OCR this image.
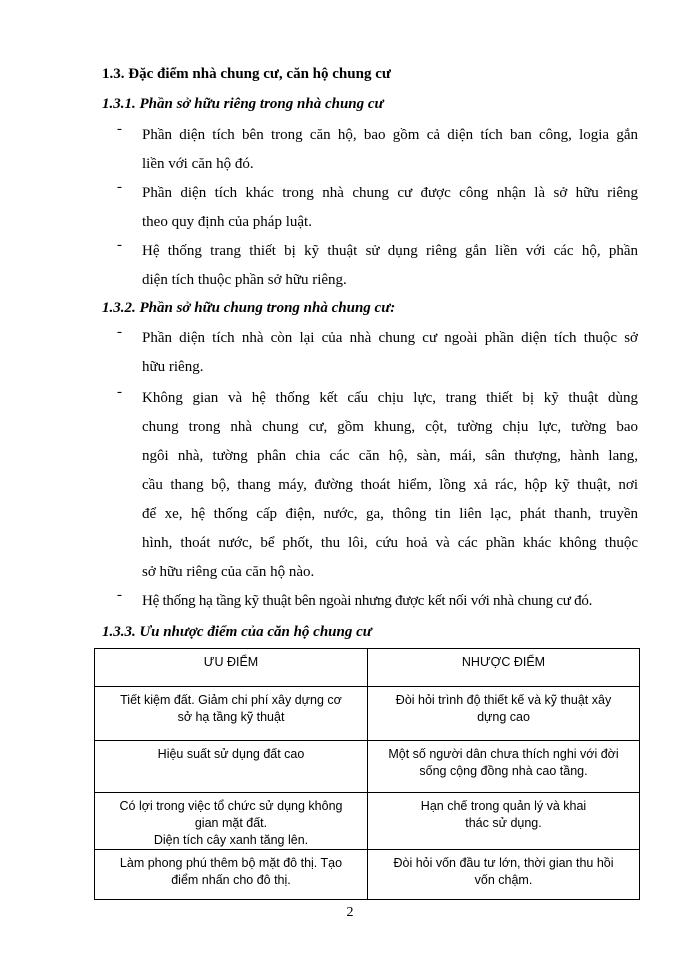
1.3. Đặc điểm nhà chung cư, căn hộ chung cư
1.3.1. Phần sở hữu riêng trong nhà chung cư
- Phần diện tích bên trong căn hộ, bao gồm cả diện tích ban công, logia gắn
liền với căn hộ đó.
- Phần diện tích khác trong nhà chung cư được công nhận là sở hữu riêng
theo quy định của pháp luật.
- Hệ thống trang thiết bị kỹ thuật sử dụng riêng gắn liền với các hộ, phần
diện tích thuộc phần sở hữu riêng.
1.3.2. Phần sở hữu chung trong nhà chung cư:
- Phần diện tích nhà còn lại của nhà chung cư ngoài phần diện tích thuộc sở
hữu riêng.
- Không gian và hệ thống kết cấu chịu lực, trang thiết bị kỹ thuật dùng
chung trong nhà chung cư, gồm khung, cột, tường chịu lực, tường bao
ngôi nhà, tường phân chia các căn hộ, sàn, mái, sân thượng, hành lang,
cầu thang bộ, thang máy, đường thoát hiểm, lồng xả rác, hộp kỹ thuật, nơi
để xe, hệ thống cấp điện, nước, ga, thông tin liên lạc, phát thanh, truyền
hình, thoát nước, bể phốt, thu lôi, cứu hoả và các phần khác không thuộc
sở hữu riêng của căn hộ nào.
- Hệ thống hạ tầng kỹ thuật bên ngoài nhưng được kết nối với nhà chung cư đó.
1.3.3. Ưu nhược điểm của căn hộ chung cư
ƯU ĐIỂM	NHƯỢC ĐIỂM

Tiết kiệm đất. Giảm chi phí xây dựng cơ
sở hạ tầng kỹ thuật	Đòi hỏi trình độ thiết kế và kỹ thuật xây
dựng cao

Hiệu suất sử dụng đất cao	Một số người dân chưa thích nghi với đời
sống cộng đồng nhà cao tầng.

Có lợi trong việc tổ chức sử dụng không
gian mặt đất.
Diện tích cây xanh tăng lên.	Hạn chế trong quản lý và khai
thác sử dụng.

Làm phong phú thêm bộ mặt đô thị. Tạo
điểm nhấn cho đô thị.	Đòi hỏi vốn đầu tư lớn, thời gian thu hồi
vốn chậm.
2
